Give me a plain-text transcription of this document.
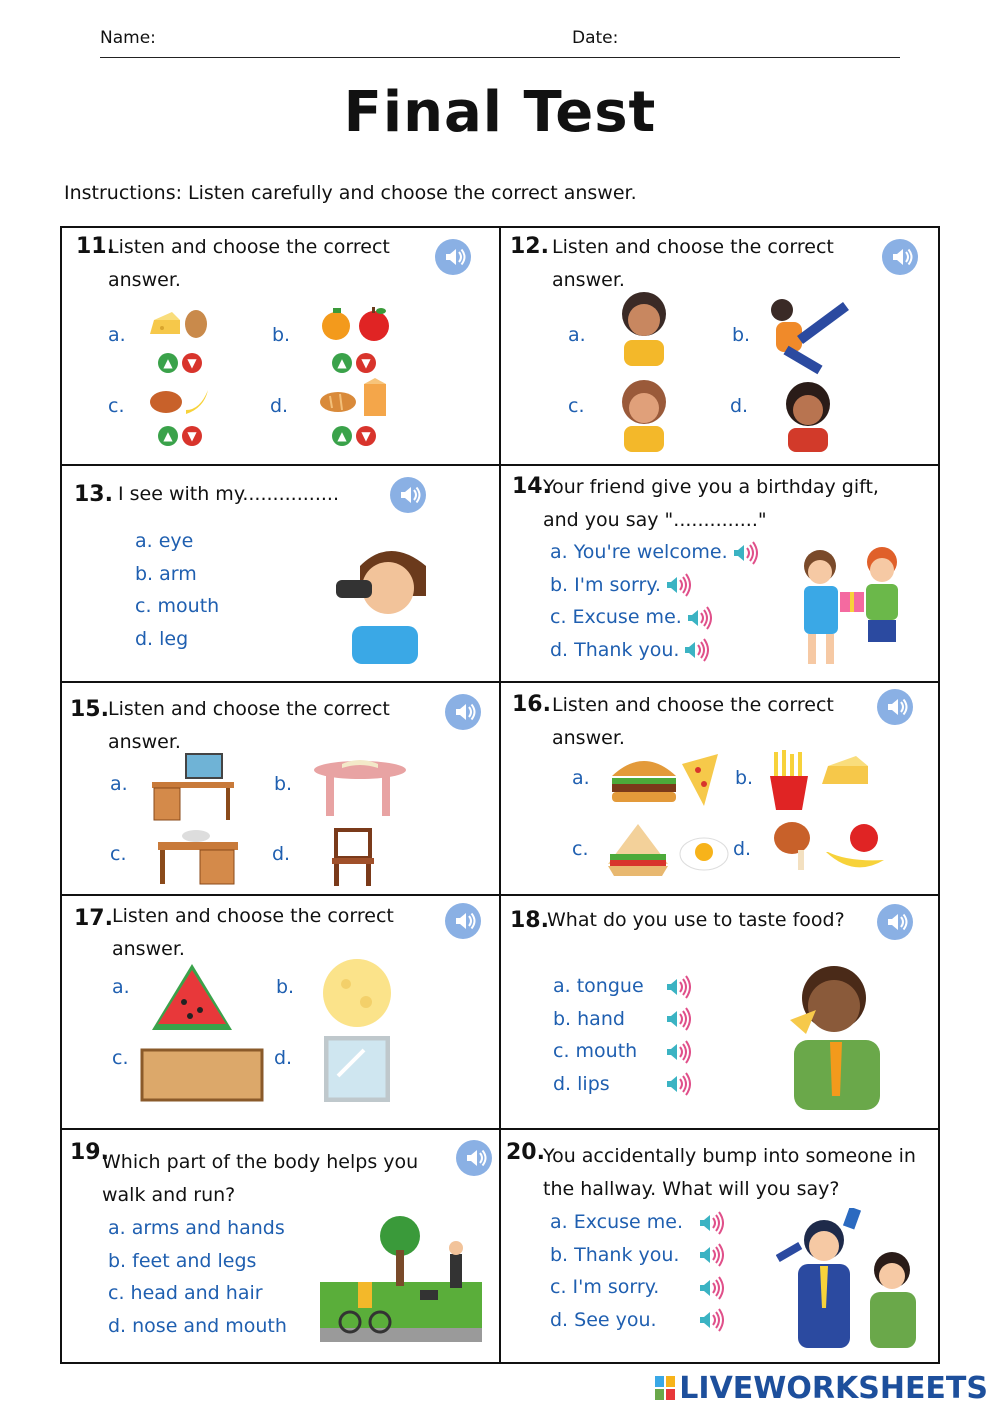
Name:	Date:
Final Test
Instructions: Listen carefully and choose the correct answer.
11.
Listen and choose the correct answer.
a.	b.
c.	d.
▲ ▼	▲ ▼
▲ ▼	▲ ▼
12. Listen and choose the correct answer.
a.	b.
c.	d.
13. I see with my................
a. eye
b. arm
c. mouth
d. leg
14.
Your friend give you a birthday gift, and you say ".............."
a. You're welcome.
b. I'm sorry.
c. Excuse me.
d. Thank you.
15. Listen and choose the correct answer.
a.	b.
c.	d.
16. Listen and choose the correct answer.
a.	b.
c.	d.
17. Listen and choose the correct answer.
a.	b.
c.	d.
18.
What do you use to taste food?
a. tongue
b. hand
c. mouth
d. lips
19.
Which part of the body helps you walk and run?
a. arms and hands
b. feet and legs
c. head and hair
d. nose and mouth
20.
You accidentally bump into someone in the hallway. What will you say?
a. Excuse me.
b. Thank you.
c. I'm sorry.
d. See you.
LIVEWORKSHEETS
